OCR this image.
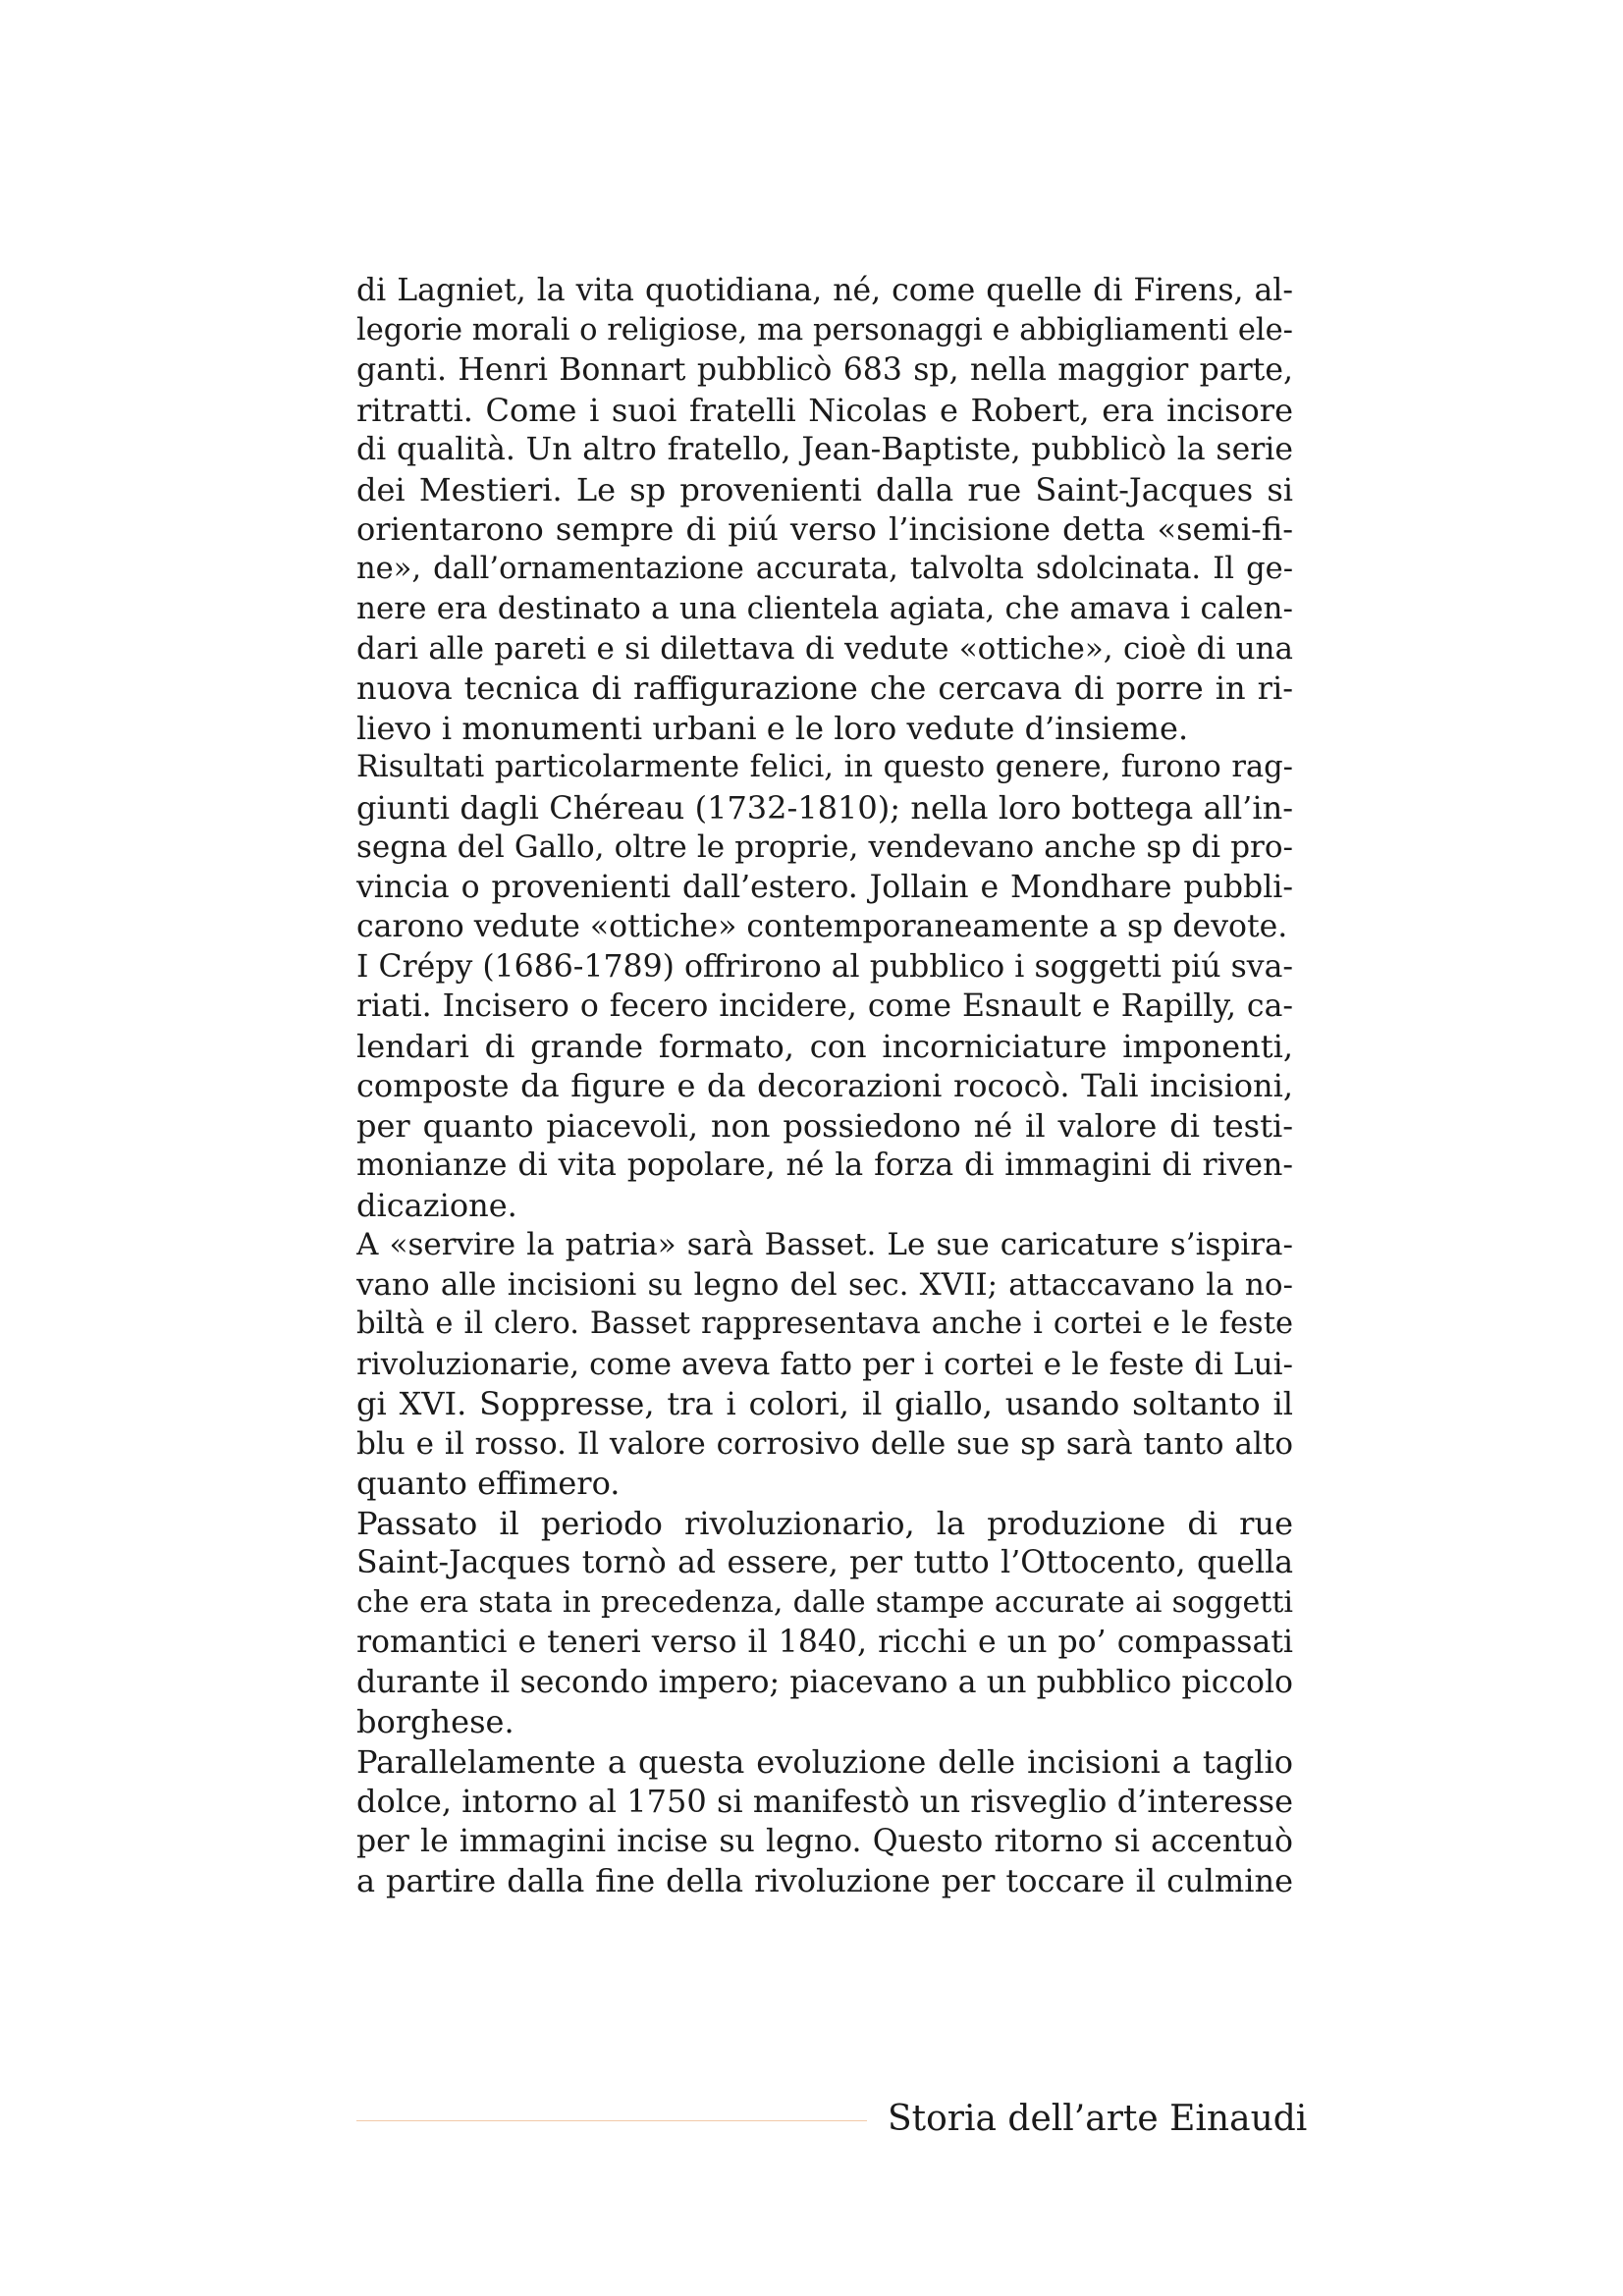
di Lagniet, la vita quotidiana, né, come quelle di Firens, al-
legorie morali o religiose, ma personaggi e abbigliamenti ele-
ganti. Henri Bonnart pubblicò 683 sp, nella maggior parte,
ritratti. Come i suoi fratelli Nicolas e Robert, era incisore
di qualità. Un altro fratello, Jean-Baptiste, pubblicò la serie
dei Mestieri. Le sp provenienti dalla rue Saint-Jacques si
orientarono sempre di piú verso l’incisione detta «semi-fi-
ne», dall’ornamentazione accurata, talvolta sdolcinata. Il ge-
nere era destinato a una clientela agiata, che amava i calen-
dari alle pareti e si dilettava di vedute «ottiche», cioè di una
nuova tecnica di raffigurazione che cercava di porre in ri-
lievo i monumenti urbani e le loro vedute d’insieme.
Risultati particolarmente felici, in questo genere, furono rag-
giunti dagli Chéreau (1732-1810); nella loro bottega all’in-
segna del Gallo, oltre le proprie, vendevano anche sp di pro-
vincia o provenienti dall’estero. Jollain e Mondhare pubbli-
carono vedute «ottiche» contemporaneamente a sp devote.
I Crépy (1686-1789) offrirono al pubblico i soggetti piú sva-
riati. Incisero o fecero incidere, come Esnault e Rapilly, ca-
lendari di grande formato, con incorniciature imponenti,
composte da figure e da decorazioni rococò. Tali incisioni,
per quanto piacevoli, non possiedono né il valore di testi-
monianze di vita popolare, né la forza di immagini di riven-
dicazione.
A «servire la patria» sarà Basset. Le sue caricature s’ispira-
vano alle incisioni su legno del sec. XVII; attaccavano la no-
biltà e il clero. Basset rappresentava anche i cortei e le feste
rivoluzionarie, come aveva fatto per i cortei e le feste di Lui-
gi XVI. Soppresse, tra i colori, il giallo, usando soltanto il
blu e il rosso. Il valore corrosivo delle sue sp sarà tanto alto
quanto effimero.
Passato il periodo rivoluzionario, la produzione di rue
Saint-Jacques tornò ad essere, per tutto l’Ottocento, quella
che era stata in precedenza, dalle stampe accurate ai soggetti
romantici e teneri verso il 1840, ricchi e un po’ compassati
durante il secondo impero; piacevano a un pubblico piccolo
borghese.
Parallelamente a questa evoluzione delle incisioni a taglio
dolce, intorno al 1750 si manifestò un risveglio d’interesse
per le immagini incise su legno. Questo ritorno si accentuò
a partire dalla fine della rivoluzione per toccare il culmine
Storia dell’arte Einaudi
